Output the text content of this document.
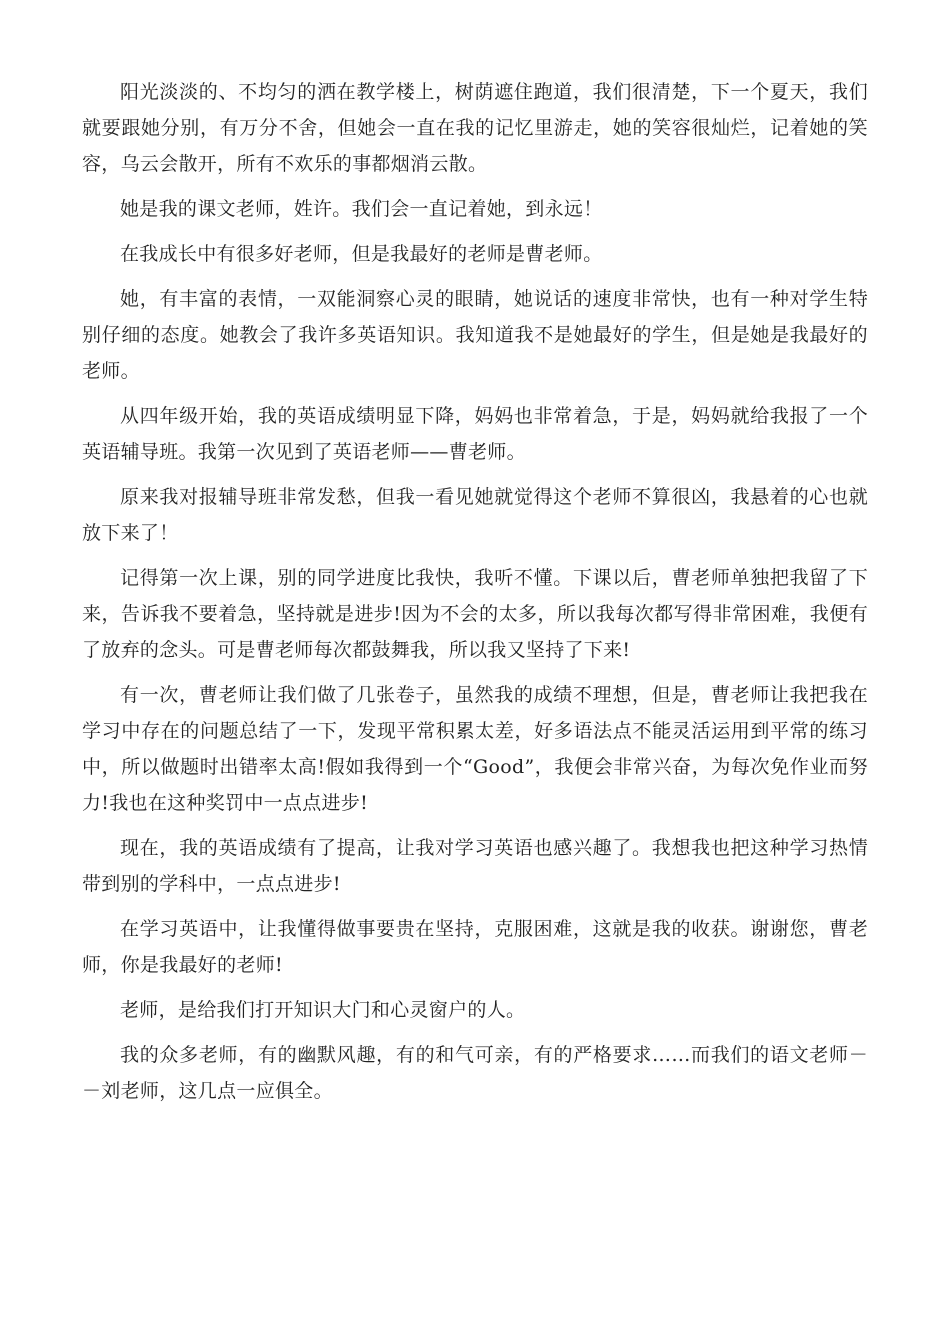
阳光淡淡的、不均匀的洒在教学楼上，树荫遮住跑道，我们很清楚，下一个夏天，我们就要跟她分别，有万分不舍，但她会一直在我的记忆里游走，她的笑容很灿烂，记着她的笑容，乌云会散开，所有不欢乐的事都烟消云散。

她是我的课文老师，姓许。我们会一直记着她，到永远！

在我成长中有很多好老师，但是我最好的老师是曹老师。

她，有丰富的表情，一双能洞察心灵的眼睛，她说话的速度非常快，也有一种对学生特别仔细的态度。她教会了我许多英语知识。我知道我不是她最好的学生，但是她是我最好的老师。

从四年级开始，我的英语成绩明显下降，妈妈也非常着急，于是，妈妈就给我报了一个英语辅导班。我第一次见到了英语老师——曹老师。

原来我对报辅导班非常发愁，但我一看见她就觉得这个老师不算很凶，我悬着的心也就放下来了！

记得第一次上课，别的同学进度比我快，我听不懂。下课以后，曹老师单独把我留了下来，告诉我不要着急，坚持就是进步!因为不会的太多，所以我每次都写得非常困难，我便有了放弃的念头。可是曹老师每次都鼓舞我，所以我又坚持了下来!

有一次，曹老师让我们做了几张卷子，虽然我的成绩不理想，但是，曹老师让我把我在学习中存在的问题总结了一下，发现平常积累太差，好多语法点不能灵活运用到平常的练习中，所以做题时出错率太高!假如我得到一个“Good”，我便会非常兴奋，为每次免作业而努力!我也在这种奖罚中一点点进步!

现在，我的英语成绩有了提高，让我对学习英语也感兴趣了。我想我也把这种学习热情带到别的学科中，一点点进步!

在学习英语中，让我懂得做事要贵在坚持，克服困难，这就是我的收获。谢谢您，曹老师，你是我最好的老师!

老师，是给我们打开知识大门和心灵窗户的人。

我的众多老师，有的幽默风趣，有的和气可亲，有的严格要求……而我们的语文老师－－刘老师，这几点一应俱全。
